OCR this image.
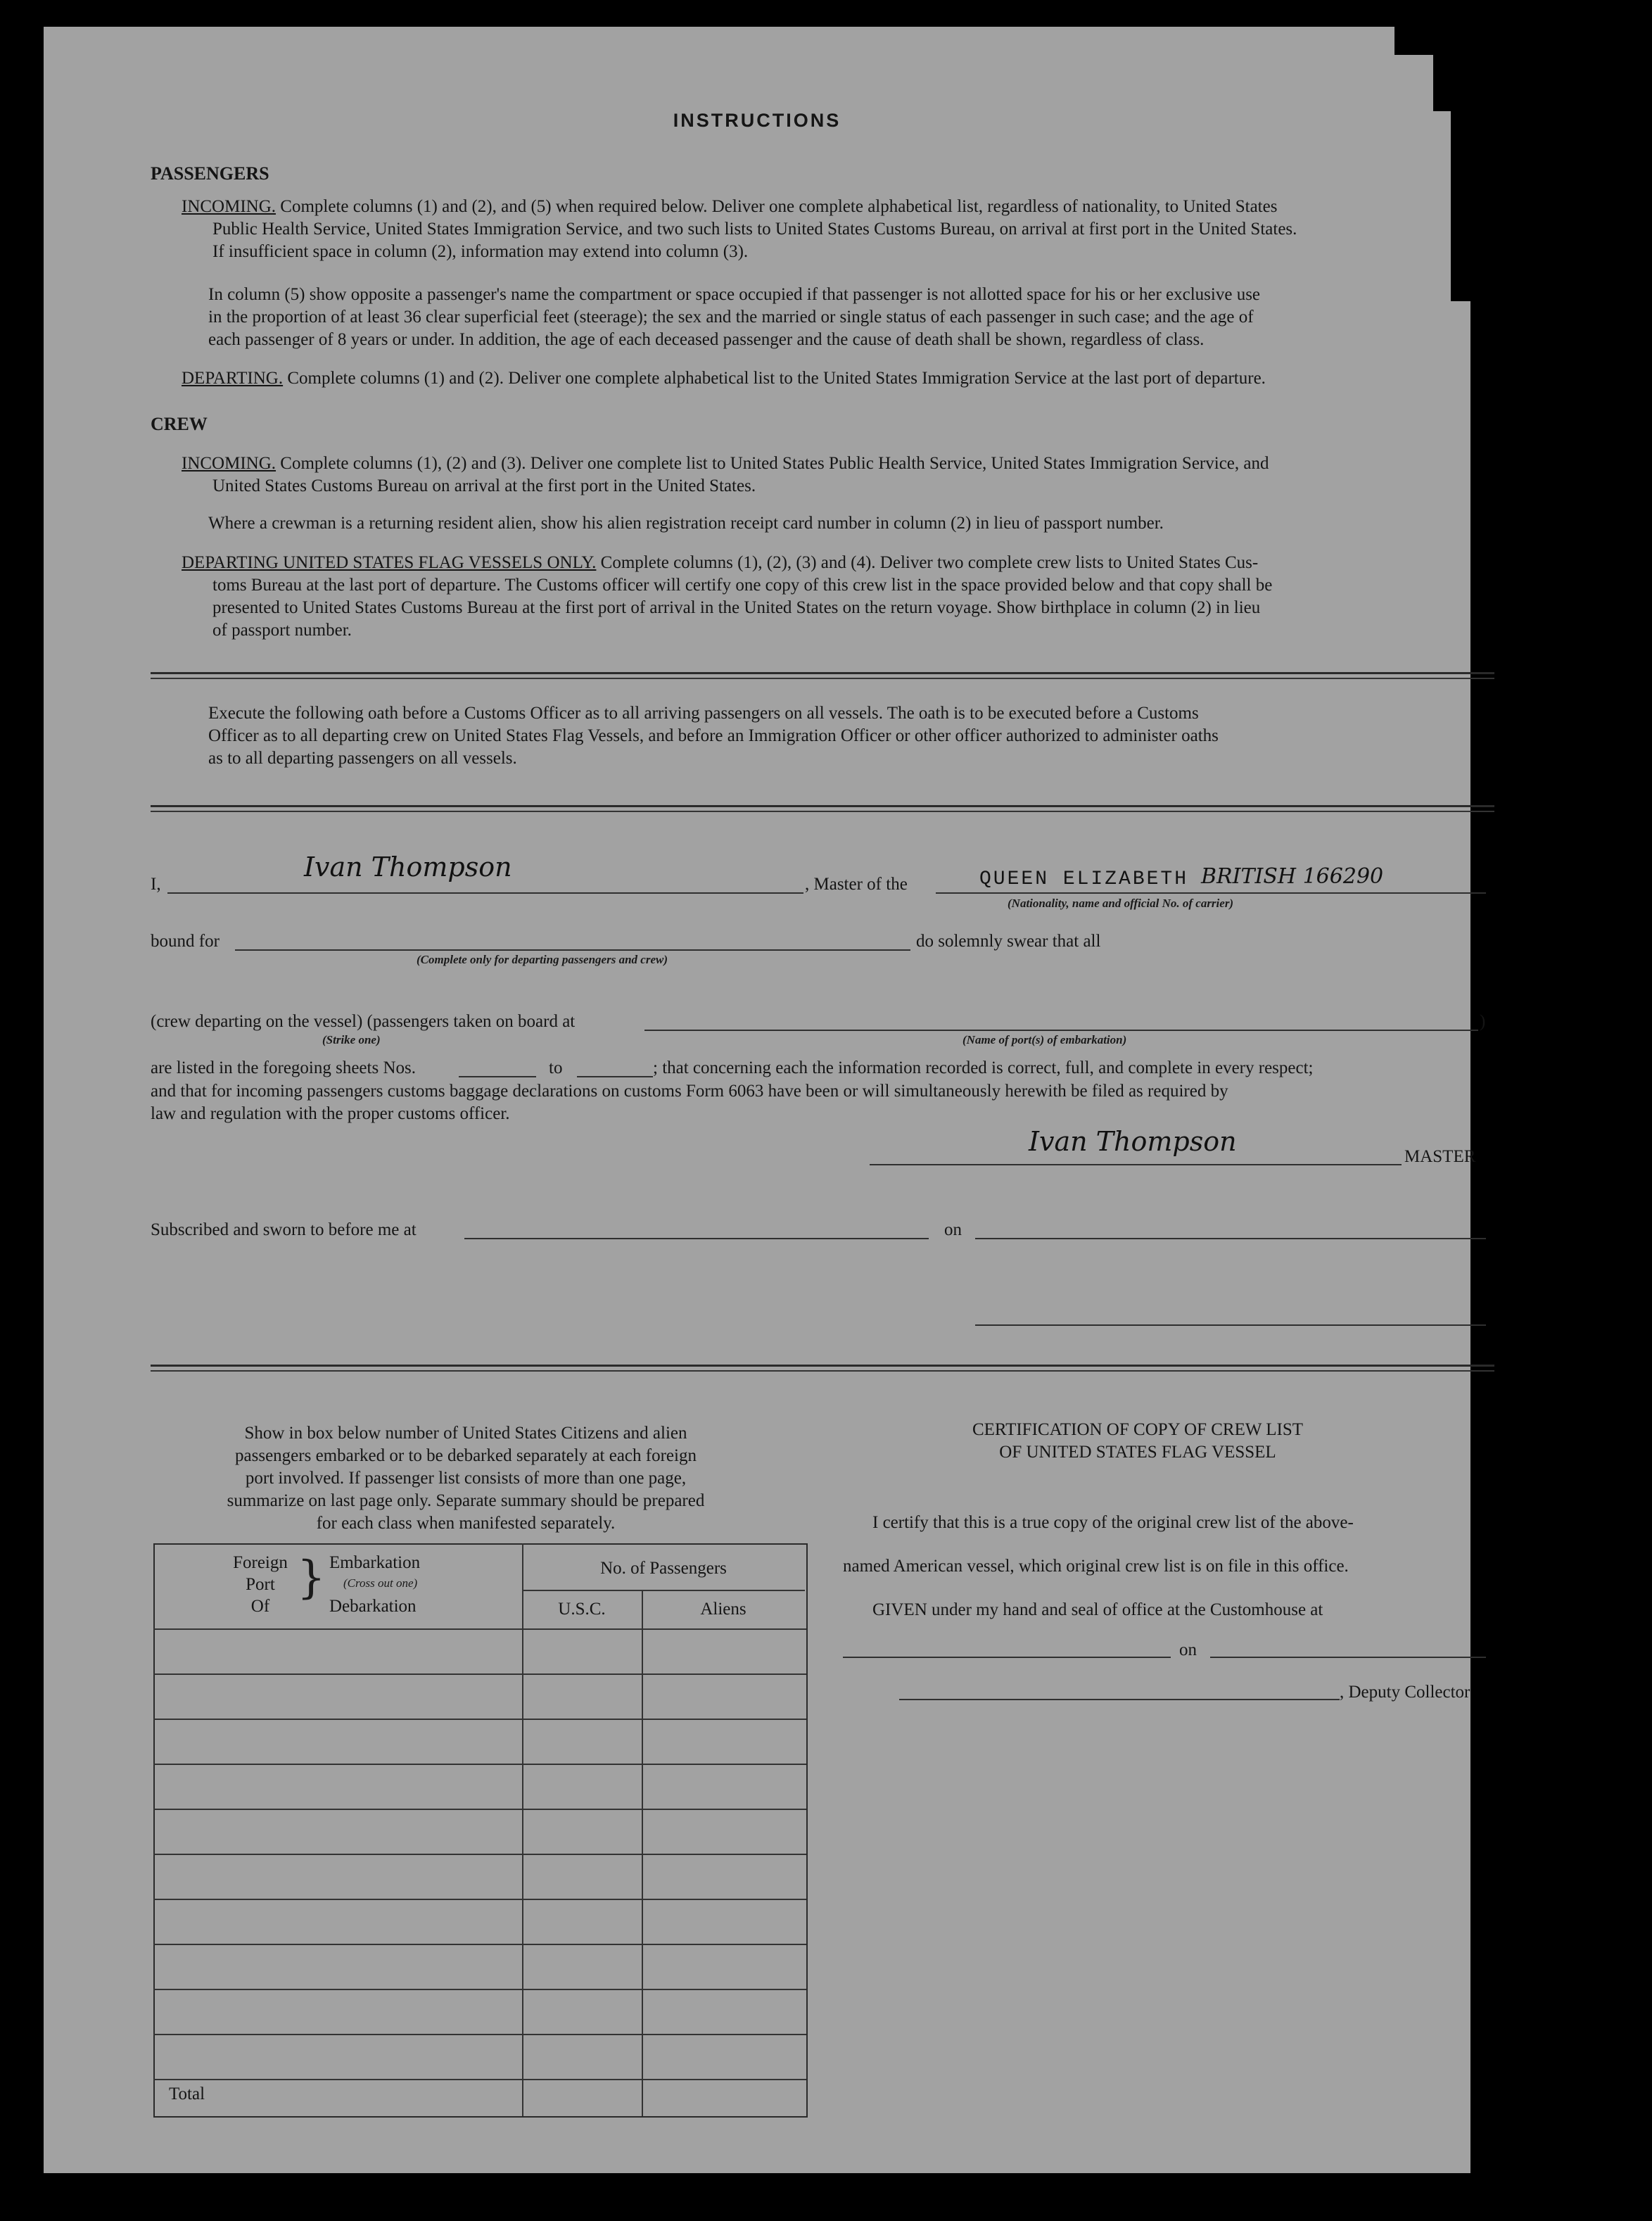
INSTRUCTIONS
PASSENGERS
INCOMING. Complete columns (1) and (2), and (5) when required below. Deliver one complete alphabetical list, regardless of nationality, to United States
Public Health Service, United States Immigration Service, and two such lists to United States Customs Bureau, on arrival at first port in the United States.
If insufficient space in column (2), information may extend into column (3).
In column (5) show opposite a passenger's name the compartment or space occupied if that passenger is not allotted space for his or her exclusive use
in the proportion of at least 36 clear superficial feet (steerage); the sex and the married or single status of each passenger in such case; and the age of
each passenger of 8 years or under. In addition, the age of each deceased passenger and the cause of death shall be shown, regardless of class.
DEPARTING. Complete columns (1) and (2). Deliver one complete alphabetical list to the United States Immigration Service at the last port of departure.
CREW
INCOMING. Complete columns (1), (2) and (3). Deliver one complete list to United States Public Health Service, United States Immigration Service, and
United States Customs Bureau on arrival at the first port in the United States.
Where a crewman is a returning resident alien, show his alien registration receipt card number in column (2) in lieu of passport number.
DEPARTING UNITED STATES FLAG VESSELS ONLY. Complete columns (1), (2), (3) and (4). Deliver two complete crew lists to United States Cus-
toms Bureau at the last port of departure. The Customs officer will certify one copy of this crew list in the space provided below and that copy shall be
presented to United States Customs Bureau at the first port of arrival in the United States on the return voyage. Show birthplace in column (2) in lieu
of passport number.
Execute the following oath before a Customs Officer as to all arriving passengers on all vessels. The oath is to be executed before a Customs
Officer as to all departing crew on United States Flag Vessels, and before an Immigration Officer or other officer authorized to administer oaths
as to all departing passengers on all vessels.
I,
Ivan Thompson
, Master of the	QUEEN ELIZABETH BRITISH 166290
(Nationality, name and official No. of carrier)
bound for
(Complete only for departing passengers and crew)
do solemnly swear that all
(crew departing on the vessel) (passengers taken on board at	)
(Strike one)	(Name of port(s) of embarkation)
are listed in the foregoing sheets Nos.	to	; that concerning each the information recorded is correct, full, and complete in every respect;
and that for incoming passengers customs baggage declarations on customs Form 6063 have been or will simultaneously herewith be filed as required by
law and regulation with the proper customs officer.
Ivan Thompson	MASTER
Subscribed and sworn to before me at	on
Show in box below number of United States Citizens and alien
passengers embarked or to be debarked separately at each foreign
port involved. If passenger list consists of more than one page,
summarize on last page only. Separate summary should be prepared
for each class when manifested separately.
Foreign
Port
Of
} Embarkation
(Cross out one)
Debarkation
No. of Passengers
U.S.C.	Aliens
Total
CERTIFICATION OF COPY OF CREW LIST
OF UNITED STATES FLAG VESSEL
I certify that this is a true copy of the original crew list of the above-
named American vessel, which original crew list is on file in this office.
GIVEN under my hand and seal of office at the Customhouse at
on
, Deputy Collector
